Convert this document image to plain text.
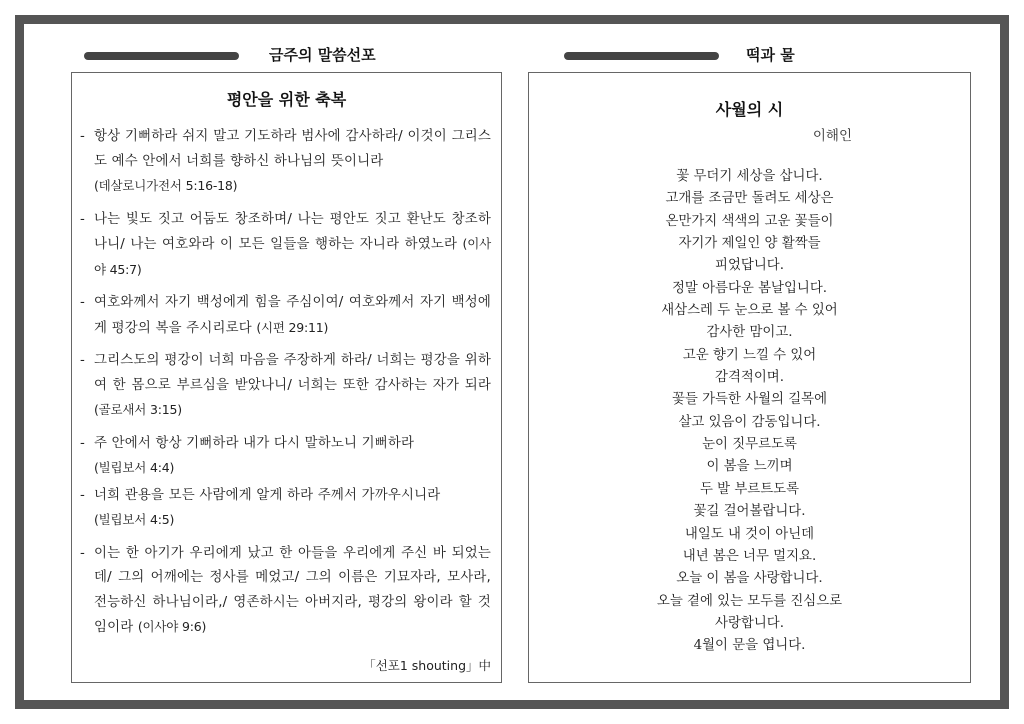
금주의 말씀선포	떡과 물
평안을 위한 축복
- 항상 기뻐하라 쉬지 말고 기도하라 범사에 감사하라/ 이것이 그리스도 예수 안에서 너희를 향하신 하나님의 뜻이니라
(데살로니가전서 5:16-18)
- 나는 빛도 짓고 어둠도 창조하며/ 나는 평안도 짓고 환난도 창조하나니/ 나는 여호와라 이 모든 일들을 행하는 자니라 하였노라 (이사야 45:7)
- 여호와께서 자기 백성에게 힘을 주심이여/ 여호와께서 자기 백성에게 평강의 복을 주시리로다 (시편 29:11)
- 그리스도의 평강이 너희 마음을 주장하게 하라/ 너희는 평강을 위하여 한 몸으로 부르심을 받았나니/ 너희는 또한 감사하는 자가 되라 (골로새서 3:15)
- 주 안에서 항상 기뻐하라 내가 다시 말하노니 기뻐하라
(빌립보서 4:4)
- 너희 관용을 모든 사람에게 알게 하라 주께서 가까우시니라
(빌립보서 4:5)
- 이는 한 아기가 우리에게 났고 한 아들을 우리에게 주신 바 되었는데/ 그의 어깨에는 정사를 메었고/ 그의 이름은 기묘자라, 모사라, 전능하신 하나님이라,/ 영존하시는 아버지라, 평강의 왕이라 할 것임이라 (이사야 9:6)
「선포1 shouting」中
사월의 시
이해인
꽃 무더기 세상을 삽니다.
고개를 조금만 돌려도 세상은
온만가지 색색의 고운 꽃들이
자기가 제일인 양 활짝들
피었답니다.
정말 아름다운 봄날입니다.
새삼스레 두 눈으로 볼 수 있어
감사한 맘이고.
고운 향기 느낄 수 있어
감격적이며.
꽃들 가득한 사월의 길목에
살고 있음이 감동입니다.
눈이 짓무르도록
이 봄을 느끼며
두 발 부르트도록
꽃길 걸어볼랍니다.
내일도 내 것이 아닌데
내년 봄은 너무 멀지요.
오늘 이 봄을 사랑합니다.
오늘 곁에 있는 모두를 진심으로
사랑합니다.
4월이 문을 엽니다.
